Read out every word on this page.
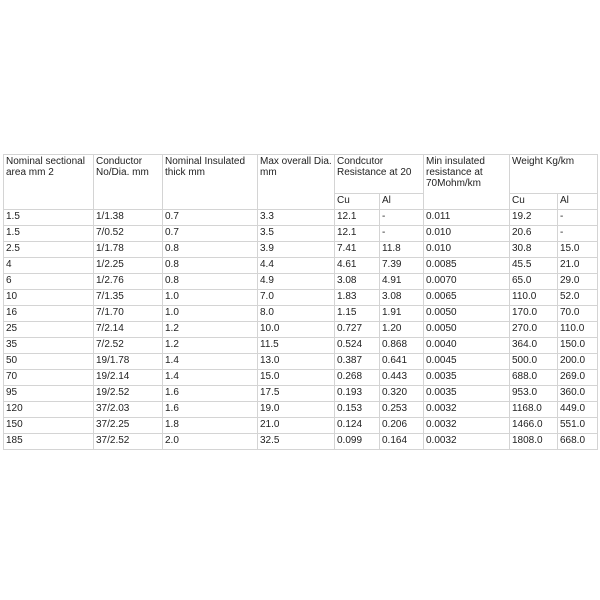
Nominal sectional area mm 2	Conductor No/Dia. mm	Nominal Insulated thick mm	Max overall Dia. mm	Condcutor Resistance at 20		Min insulated resistance at 70Mohm/km	Weight Kg/km	
				Cu	Al		Cu	Al
1.5	1/1.38	0.7	3.3	12.1	-	0.011	19.2	-
1.5	7/0.52	0.7	3.5	12.1	-	0.010	20.6	-
2.5	1/1.78	0.8	3.9	7.41	11.8	0.010	30.8	15.0
4	1/2.25	0.8	4.4	4.61	7.39	0.0085	45.5	21.0
6	1/2.76	0.8	4.9	3.08	4.91	0.0070	65.0	29.0
10	7/1.35	1.0	7.0	1.83	3.08	0.0065	110.0	52.0
16	7/1.70	1.0	8.0	1.15	1.91	0.0050	170.0	70.0
25	7/2.14	1.2	10.0	0.727	1.20	0.0050	270.0	110.0
35	7/2.52	1.2	11.5	0.524	0.868	0.0040	364.0	150.0
50	19/1.78	1.4	13.0	0.387	0.641	0.0045	500.0	200.0
70	19/2.14	1.4	15.0	0.268	0.443	0.0035	688.0	269.0
95	19/2.52	1.6	17.5	0.193	0.320	0.0035	953.0	360.0
120	37/2.03	1.6	19.0	0.153	0.253	0.0032	1168.0	449.0
150	37/2.25	1.8	21.0	0.124	0.206	0.0032	1466.0	551.0
185	37/2.52	2.0	32.5	0.099	0.164	0.0032	1808.0	668.0
